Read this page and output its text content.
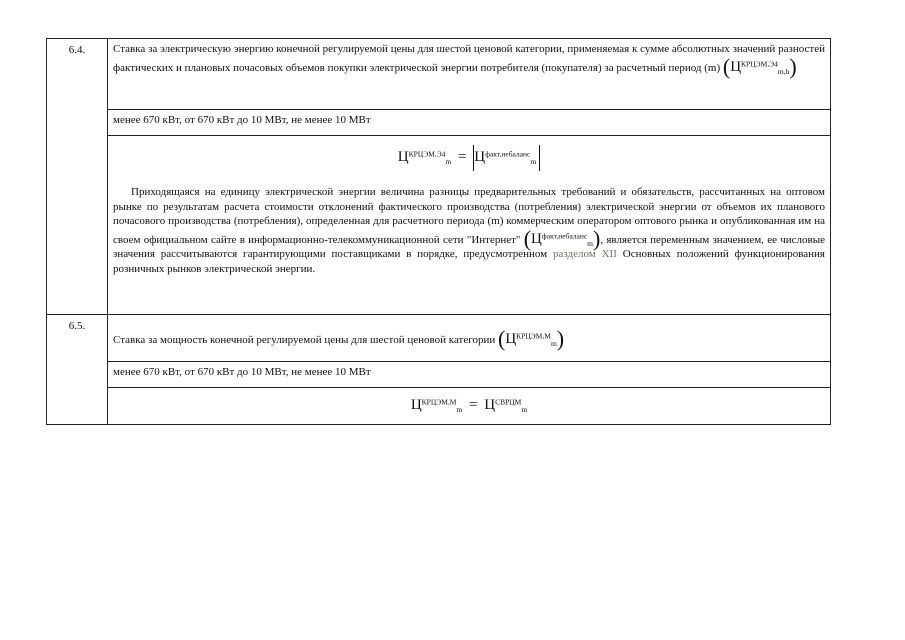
6.4.	Ставка за электрическую энергию конечной регулируемой цены для шестой ценовой категории, применяемая к сумме абсолютных значений разностей фактических и плановых почасовых объемов покупки электрической энергии потребителя (покупателя) за расчетный период (m) $(Ц^{КРЦЭМ,Э4}_{m,h})$
	менее 670 кВт, от 670 кВт до 10 МВт, не менее 10 МВт

	$Ц^{КРЦЭМ,Э4}_m = Ц^{факт,небаланс}_m$
Приходящаяся на единицу электрической энергии величина разницы предварительных требований и обязательств, рассчитанных на оптовом рынке по результатам расчета стоимости отклонений фактического производства (потребления) электрической энергии от объемов их планового почасового производства (потребления), определенная для расчетного периода (m) коммерческим оператором оптового рынка и опубликованная им на своем официальном сайте в информационно-телекоммуникационной сети "Интернет" $(Ц^{факт,небаланс}_m)$, является переменным значением, ее числовые значения рассчитываются гарантирующими поставщиками в порядке, предусмотренном разделом XII Основных положений функционирования розничных рынков электрической энергии.

6.5.	Ставка за мощность конечной регулируемой цены для шестой ценовой категории $(Ц^{КРЦЭМ,М}_m)$
	менее 670 кВт, от 670 кВт до 10 МВт, не менее 10 МВт
	$Ц^{КРЦЭМ,М}_m = Ц^{СВРЦМ}_m$
